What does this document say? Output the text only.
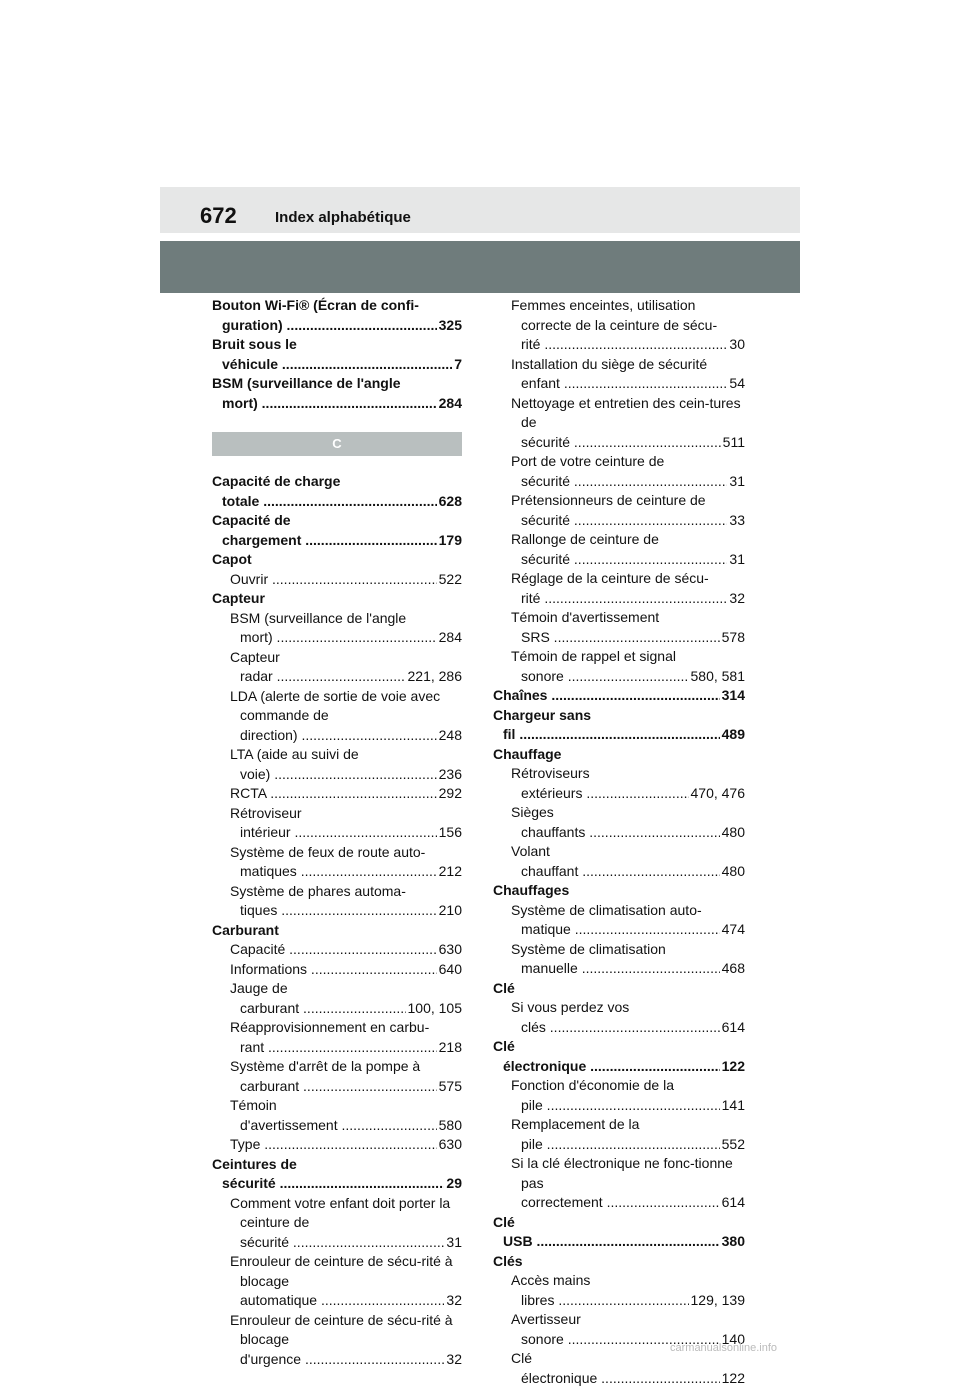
672	Index alphabétique
Bouton Wi-Fi® (Écran de confi-guration) .....	325
Bruit sous le véhicule .....	7
BSM (surveillance de l'angle mort) .....	284
C
Capacité de charge totale .....	628
Capacité de chargement .....	179
Capot
Ouvrir .....	522
Capteur
BSM (surveillance de l'angle mort) .....	284
Capteur radar .....	221, 286
LDA (alerte de sortie de voie avec commande de direction) .....	248
LTA (aide au suivi de voie) .....	236
RCTA .....	292
Rétroviseur intérieur .....	156
Système de feux de route auto-matiques .....	212
Système de phares automa-tiques .....	210
Carburant
Capacité .....	630
Informations .....	640
Jauge de carburant .....	100, 105
Réapprovisionnement en carbu-rant .....	218
Système d'arrêt de la pompe à carburant .....	575
Témoin d'avertissement .....	580
Type .....	630
Ceintures de sécurité .....	29
Comment votre enfant doit porter la ceinture de sécurité .....	31
Enrouleur de ceinture de sécu-rité à blocage automatique .....	32
Enrouleur de ceinture de sécu-rité à blocage d'urgence .....	32
Femmes enceintes, utilisation correcte de la ceinture de sécu-rité .....	30
Installation du siège de sécurité enfant .....	54
Nettoyage et entretien des cein-tures de sécurité .....	511
Port de votre ceinture de sécurité .....	31
Prétensionneurs de ceinture de sécurité .....	33
Rallonge de ceinture de sécurité .....	31
Réglage de la ceinture de sécu-rité .....	32
Témoin d'avertissement SRS .....	578
Témoin de rappel et signal sonore .....	580, 581
Chaînes .....	314
Chargeur sans fil .....	489
Chauffage
Rétroviseurs extérieurs .....	470, 476
Sièges chauffants .....	480
Volant chauffant .....	480
Chauffages
Système de climatisation auto-matique .....	474
Système de climatisation manuelle .....	468
Clé
Si vous perdez vos clés .....	614
Clé électronique .....	122
Fonction d'économie de la pile .....	141
Remplacement de la pile .....	552
Si la clé électronique ne fonc-tionne pas correctement .....	614
Clé USB .....	380
Clés
Accès mains libres .....	129, 139
Avertisseur sonore .....	140
Clé électronique .....	122
carmanualsonline.info
